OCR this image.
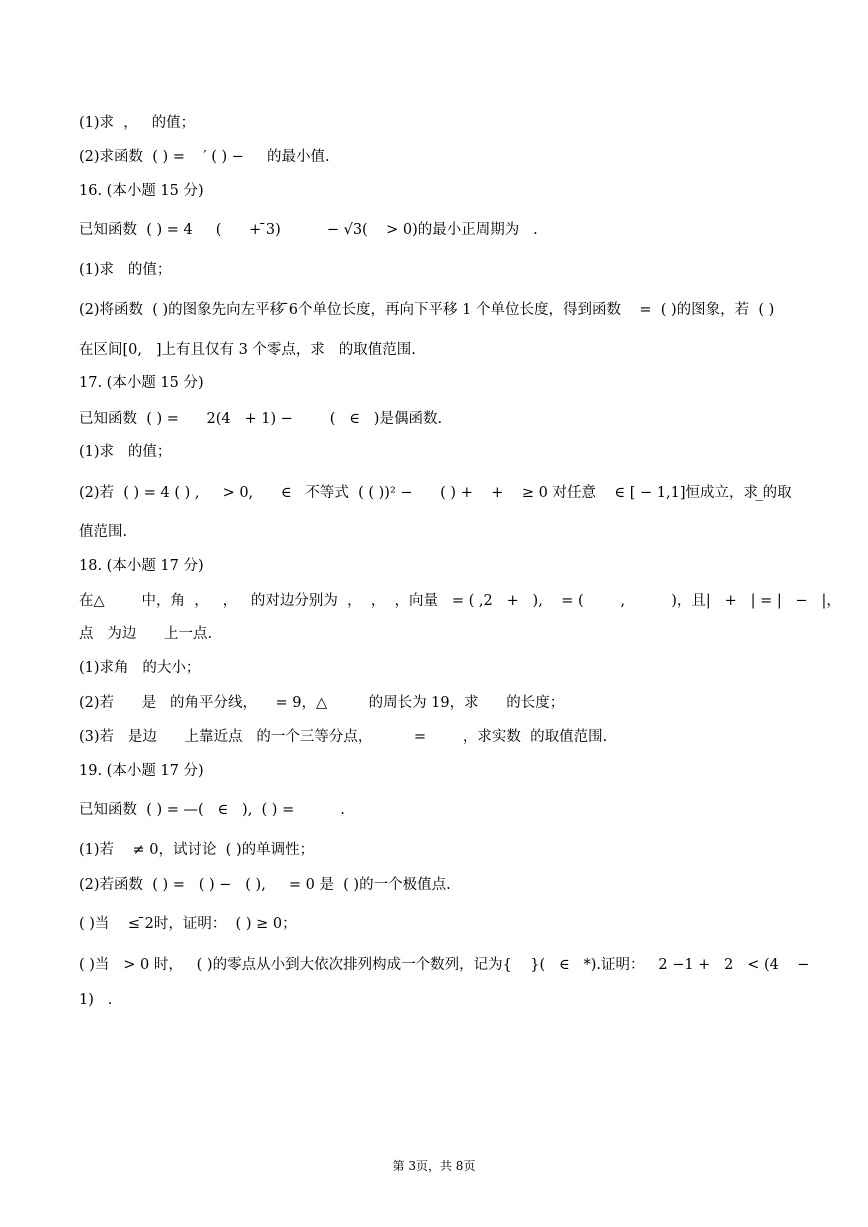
(1)求  ，   的值；
(2)求函数  ( ) =    ′ ( ) −     的最小值.
16. (本小题 15 分)
已知函数  ( ) = 4     (      + ̄3)          − √3(    > 0)的最小正周期为   .
(1)求   的值；
(2)将函数  ( )的图象先向左平移 ̄6个单位长度，再向下平移 1 个单位长度，得到函数    =  ( )的图象，若  ( )
在区间[0,   ]上有且仅有 3 个零点，求   的取值范围.
17. (本小题 15 分)
已知函数  ( ) =      2(4   + 1) −        (   ∈   )是偶函数.
(1)求   的值；
(2)若  ( ) = 4 ( ) ,     > 0,      ∈   不等式  ( ( ))² −      ( ) +    +    ≥ 0 对任意    ∈ [ − 1,1]恒成立，求 ̲的取
值范围.
18. (本小题 17 分)
在△        中，角  ，   ，   的对边分别为  ，  ，  ，向量   = ( ,2   +   ),    = (        ,          )，且|   +   | = |   −   |，
点   为边      上一点.
(1)求角   的大小；
(2)若      是   的角平分线，    = 9，△         的周长为 19，求      的长度；
(3)若   是边      上靠近点   的一个三等分点，         =        ，求实数  的取值范围.
19. (本小题 17 分)
已知函数  ( ) = —(   ∈   ),  ( ) =          .
(1)若    ≠ 0，试讨论  ( )的单调性；
(2)若函数  ( ) =   ( ) −   ( ),     = 0 是  ( )的一个极值点.
( )当    ≤ ̄2时，证明：  ( ) ≥ 0；
( )当   > 0 时，   ( )的零点从小到大依次排列构成一个数列，记为{    }(   ∈   *).证明：   2 −1 +   2   < (4    −
1)   .
第 3页，共 8页
